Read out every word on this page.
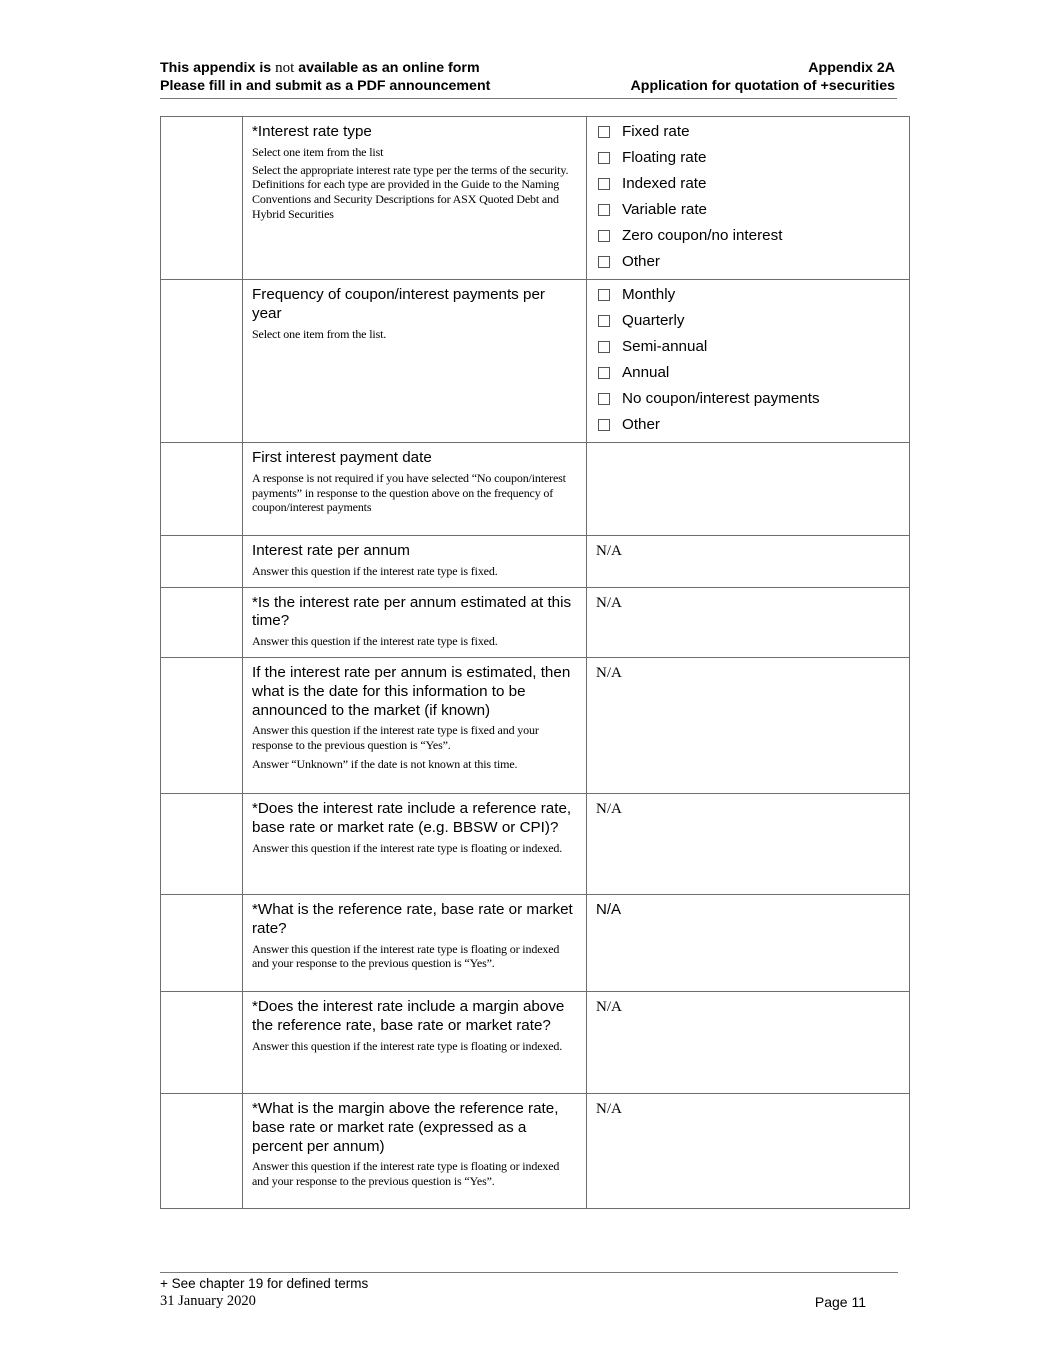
This appendix is not available as an online form
Please fill in and submit as a PDF announcement
Appendix 2A
Application for quotation of +securities

*Interest rate type
Select one item from the list
Select the appropriate interest rate type per the terms of the security. Definitions for each type are provided in the Guide to the Naming Conventions and Security Descriptions for ASX Quoted Debt and Hybrid Securities

Fixed rate
Floating rate
Indexed rate
Variable rate
Zero coupon/no interest
Other

Frequency of coupon/interest payments per year
Select one item from the list.

Monthly
Quarterly
Semi-annual
Annual
No coupon/interest payments
Other

	First interest payment date
A response is not required if you have selected “No coupon/interest payments” in response to the question above on the frequency of coupon/interest payments	

	Interest rate per annum
Answer this question if the interest rate type is fixed.	N/A

	*Is the interest rate per annum estimated at this time?
Answer this question if the interest rate type is fixed.	N/A

	If the interest rate per annum is estimated, then what is the date for this information to be announced to the market (if known)
Answer this question if the interest rate type is fixed and your response to the previous question is “Yes”.
Answer “Unknown” if the date is not known at this time.	N/A

	*Does the interest rate include a reference rate, base rate or market rate (e.g. BBSW or CPI)?
Answer this question if the interest rate type is floating or indexed.	N/A

	*What is the reference rate, base rate or market rate?
Answer this question if the interest rate type is floating or indexed and your response to the previous question is “Yes”.	N/A

	*Does the interest rate include a margin above the reference rate, base rate or market rate?
Answer this question if the interest rate type is floating or indexed.	N/A

	*What is the margin above the reference rate, base rate or market rate (expressed as a percent per annum)
Answer this question if the interest rate type is floating or indexed and your response to the previous question is “Yes”.	N/A
+ See chapter 19 for defined terms
31 January 2020	Page 11
